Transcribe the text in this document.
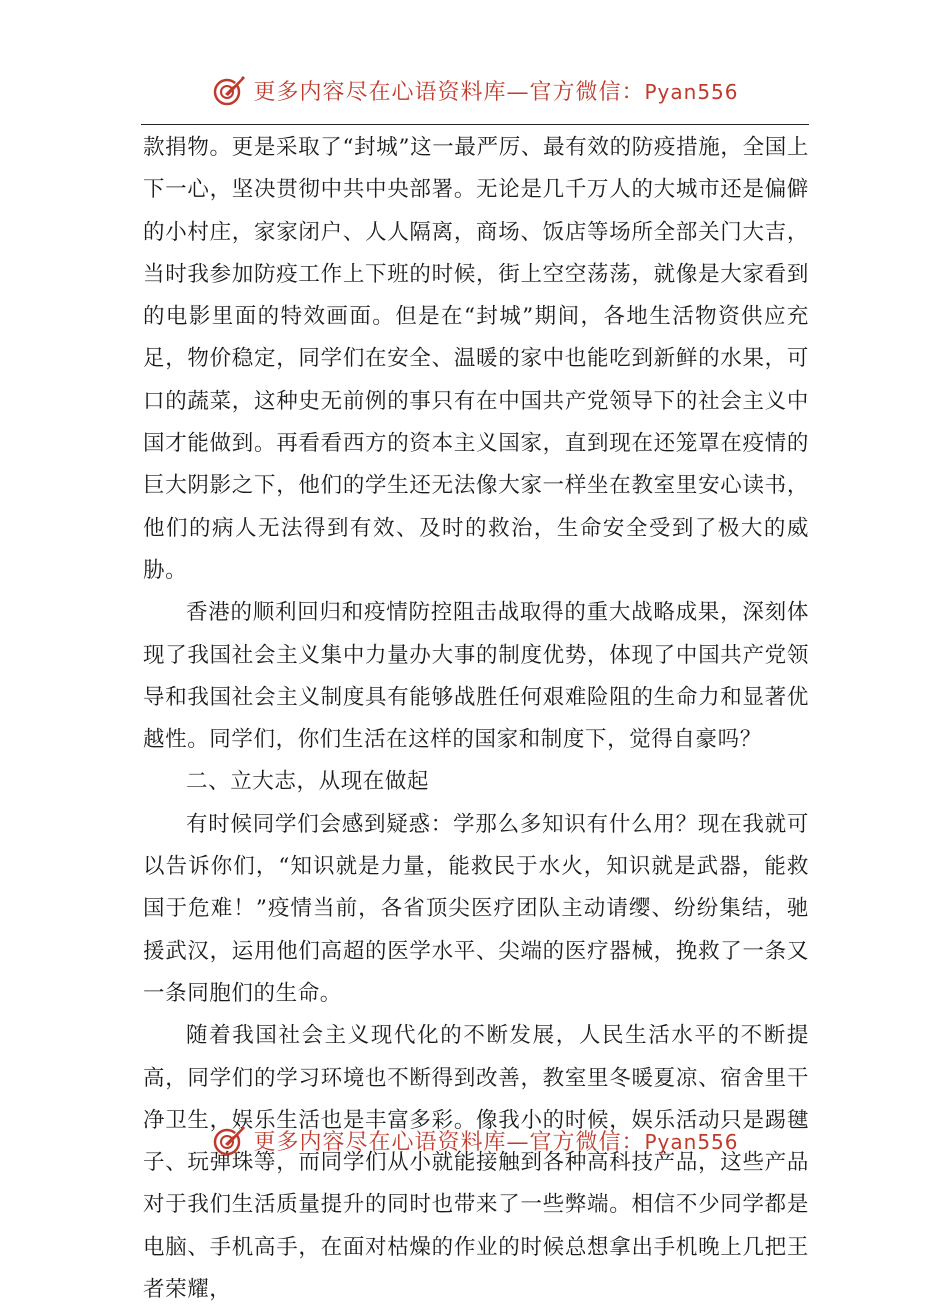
更多内容尽在心语资料库—官方微信：Pyan556

款捐物。更是采取了“封城”这一最严厉、最有效的防疫措施，全国上下一心，坚决贯彻中共中央部署。无论是几千万人的大城市还是偏僻的小村庄，家家闭户、人人隔离，商场、饭店等场所全部关门大吉，当时我参加防疫工作上下班的时候，街上空空荡荡，就像是大家看到的电影里面的特效画面。但是在“封城”期间，各地生活物资供应充足，物价稳定，同学们在安全、温暖的家中也能吃到新鲜的水果，可口的蔬菜，这种史无前例的事只有在中国共产党领导下的社会主义中国才能做到。再看看西方的资本主义国家，直到现在还笼罩在疫情的巨大阴影之下，他们的学生还无法像大家一样坐在教室里安心读书，他们的病人无法得到有效、及时的救治，生命安全受到了极大的威胁。

香港的顺利回归和疫情防控阻击战取得的重大战略成果，深刻体现了我国社会主义集中力量办大事的制度优势，体现了中国共产党领导和我国社会主义制度具有能够战胜任何艰难险阻的生命力和显著优越性。同学们，你们生活在这样的国家和制度下，觉得自豪吗？

二、立大志，从现在做起

有时候同学们会感到疑惑：学那么多知识有什么用？现在我就可以告诉你们，“知识就是力量，能救民于水火，知识就是武器，能救国于危难！”疫情当前，各省顶尖医疗团队主动请缨、纷纷集结，驰援武汉，运用他们高超的医学水平、尖端的医疗器械，挽救了一条又一条同胞们的生命。

随着我国社会主义现代化的不断发展，人民生活水平的不断提高，同学们的学习环境也不断得到改善，教室里冬暖夏凉、宿舍里干净卫生，娱乐生活也是丰富多彩。像我小的时候，娱乐活动只是踢毽子、玩弹珠等，而同学们从小就能接触到各种高科技产品，这些产品对于我们生活质量提升的同时也带来了一些弊端。相信不少同学都是电脑、手机高手，在面对枯燥的作业的时候总想拿出手机晚上几把王者荣耀，

更多内容尽在心语资料库—官方微信：Pyan556
